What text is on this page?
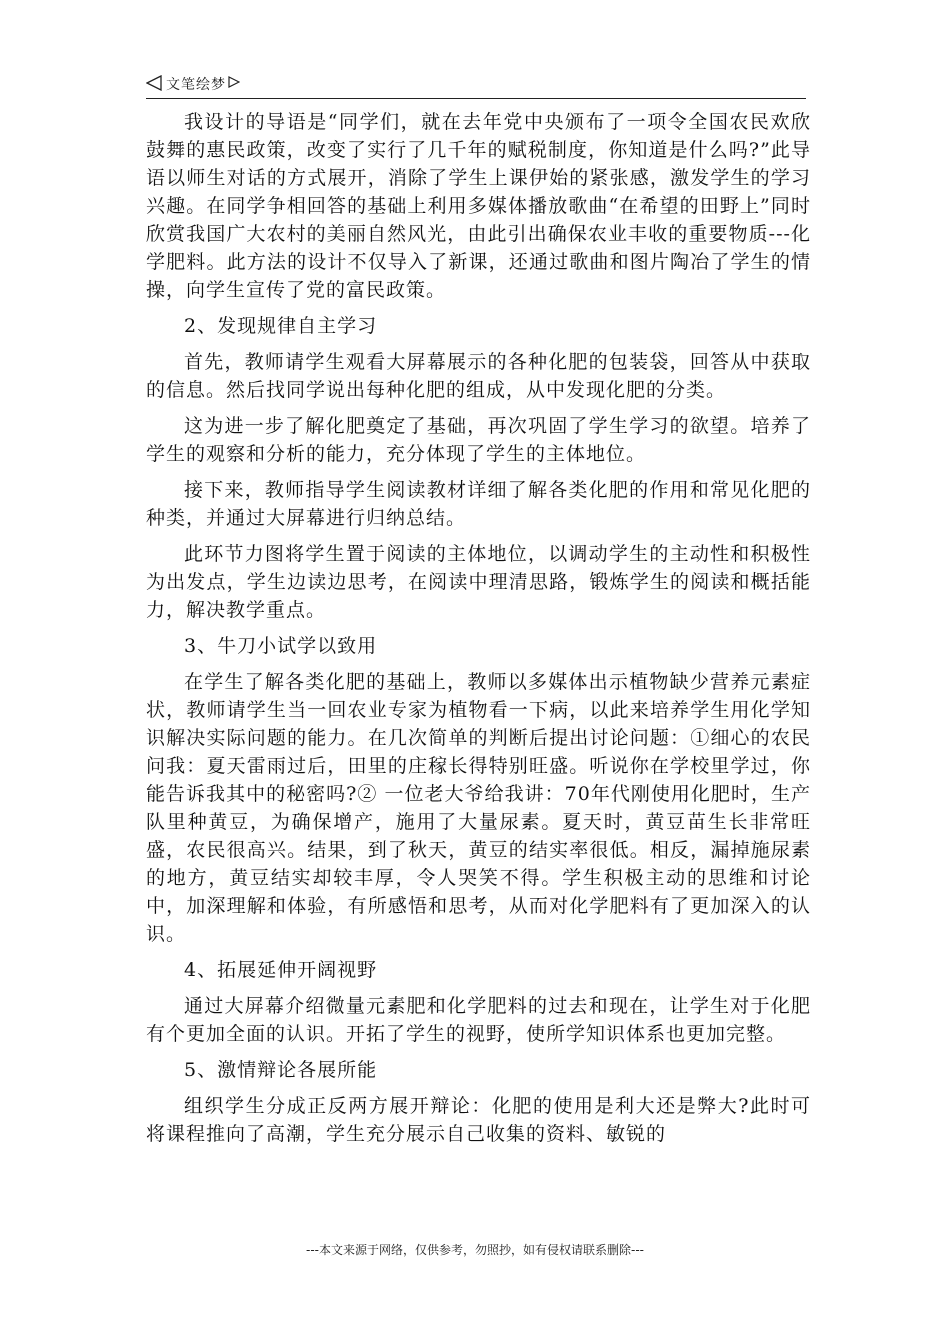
文笔绘梦

我设计的导语是“同学们，就在去年党中央颁布了一项令全国农民欢欣鼓舞的惠民政策，改变了实行了几千年的赋税制度，你知道是什么吗?”此导语以师生对话的方式展开，消除了学生上课伊始的紧张感，激发学生的学习兴趣。在同学争相回答的基础上利用多媒体播放歌曲“在希望的田野上”同时欣赏我国广大农村的美丽自然风光，由此引出确保农业丰收的重要物质---化学肥料。此方法的设计不仅导入了新课，还通过歌曲和图片陶冶了学生的情操，向学生宣传了党的富民政策。

2、发现规律自主学习

首先，教师请学生观看大屏幕展示的各种化肥的包装袋，回答从中获取的信息。然后找同学说出每种化肥的组成，从中发现化肥的分类。

这为进一步了解化肥奠定了基础，再次巩固了学生学习的欲望。培养了学生的观察和分析的能力，充分体现了学生的主体地位。

接下来，教师指导学生阅读教材详细了解各类化肥的作用和常见化肥的种类，并通过大屏幕进行归纳总结。

此环节力图将学生置于阅读的主体地位，以调动学生的主动性和积极性为出发点，学生边读边思考，在阅读中理清思路，锻炼学生的阅读和概括能力，解决教学重点。

3、牛刀小试学以致用

在学生了解各类化肥的基础上，教师以多媒体出示植物缺少营养元素症状，教师请学生当一回农业专家为植物看一下病，以此来培养学生用化学知识解决实际问题的能力。在几次简单的判断后提出讨论问题：①细心的农民问我：夏天雷雨过后，田里的庄稼长得特别旺盛。听说你在学校里学过，你能告诉我其中的秘密吗?② 一位老大爷给我讲：70年代刚使用化肥时，生产队里种黄豆，为确保增产，施用了大量尿素。夏天时，黄豆苗生长非常旺盛，农民很高兴。结果，到了秋天，黄豆的结实率很低。相反，漏掉施尿素的地方，黄豆结实却较丰厚，令人哭笑不得。学生积极主动的思维和讨论中，加深理解和体验，有所感悟和思考，从而对化学肥料有了更加深入的认识。

4、拓展延伸开阔视野

通过大屏幕介绍微量元素肥和化学肥料的过去和现在，让学生对于化肥有个更加全面的认识。开拓了学生的视野，使所学知识体系也更加完整。

5、激情辩论各展所能

组织学生分成正反两方展开辩论：化肥的使用是利大还是弊大?此时可将课程推向了高潮，学生充分展示自己收集的资料、敏锐的

---本文来源于网络，仅供参考，勿照抄，如有侵权请联系删除---
